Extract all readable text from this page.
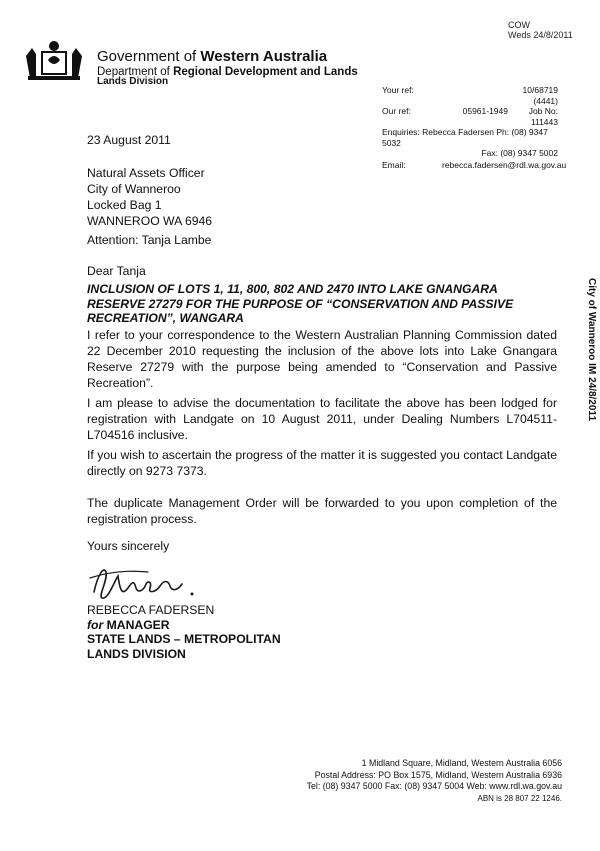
COW
Weds 24/8/2011
Government of Western Australia
Department of Regional Development and Lands
Lands Division
Your ref:	10/68719 (4441)
Our ref:	05961-1949	Job No: 111443
Enquiries: Rebecca Fadersen Ph: (08) 9347 5032
Fax: (08) 9347 5002
Email:	rebecca.fadersen@rdl.wa.gov.au
23 August 2011
Natural Assets Officer
City of Wanneroo
Locked Bag 1
WANNEROO WA 6946
Attention: Tanja Lambe
Dear Tanja
INCLUSION OF LOTS 1, 11, 800, 802 AND 2470 INTO LAKE GNANGARA
RESERVE 27279 FOR THE PURPOSE OF “CONSERVATION AND PASSIVE
RECREATION”, WANGARA
I refer to your correspondence to the Western Australian Planning Commission dated 22 December 2010 requesting the inclusion of the above lots into Lake Gnangara Reserve 27279 with the purpose being amended to “Conservation and Passive Recreation”.
I am please to advise the documentation to facilitate the above has been lodged for registration with Landgate on 10 August 2011, under Dealing Numbers L704511-L704516 inclusive.
If you wish to ascertain the progress of the matter it is suggested you contact Landgate directly on 9273 7373.
The duplicate Management Order will be forwarded to you upon completion of the registration process.
Yours sincerely
REBECCA FADERSEN
for MANAGER
STATE LANDS – METROPOLITAN
LANDS DIVISION
City of Wanneroo IM 24/8/2011
1 Midland Square, Midland, Western Australia 6056
Postal Address: PO Box 1575, Midland, Western Australia 6936
Tel: (08) 9347 5000 Fax: (08) 9347 5004 Web: www.rdl.wa.gov.au
ABN is 28 807 22 1246.
